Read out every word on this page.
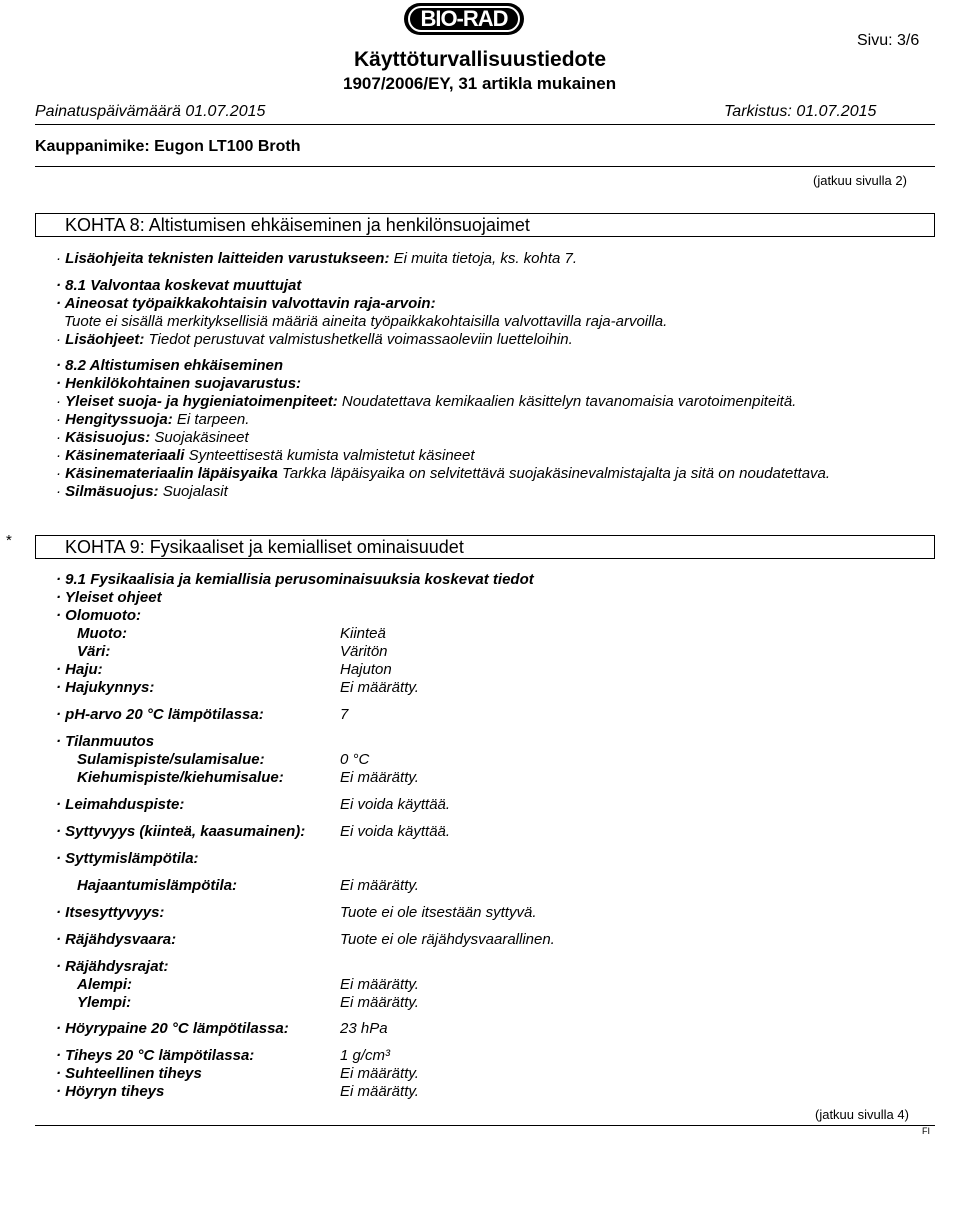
BIO-RAD
Sivu: 3/6
Käyttöturvallisuustiedote
1907/2006/EY, 31 artikla mukainen
Painatuspäivämäärä 01.07.2015	Tarkistus: 01.07.2015
Kauppanimike: Eugon LT100 Broth
(jatkuu sivulla 2)
KOHTA 8: Altistumisen ehkäiseminen ja henkilönsuojaimet
· Lisäohjeita teknisten laitteiden varustukseen: Ei muita tietoja, ks. kohta 7.
· 8.1 Valvontaa koskevat muuttujat
· Aineosat työpaikkakohtaisin valvottavin raja-arvoin:
Tuote ei sisällä merkityksellisiä määriä aineita työpaikkakohtaisilla valvottavilla raja-arvoilla.
· Lisäohjeet: Tiedot perustuvat valmistushetkellä voimassaoleviin luetteloihin.
· 8.2 Altistumisen ehkäiseminen
· Henkilökohtainen suojavarustus:
· Yleiset suoja- ja hygieniatoimenpiteet: Noudatettava kemikaalien käsittelyn tavanomaisia varotoimenpiteitä.
· Hengityssuoja: Ei tarpeen.
· Käsisuojus: Suojakäsineet
· Käsinemateriaali Synteettisestä kumista valmistetut käsineet
· Käsinemateriaalin läpäisyaika Tarkka läpäisyaika on selvitettävä suojakäsinevalmistajalta ja sitä on noudatettava.
· Silmäsuojus: Suojalasit
*	KOHTA 9: Fysikaaliset ja kemialliset ominaisuudet
· 9.1 Fysikaalisia ja kemiallisia perusominaisuuksia koskevat tiedot
· Yleiset ohjeet
· Olomuoto:
Muoto:	Kiinteä
Väri:	Väritön
· Haju:	Hajuton
· Hajukynnys:	Ei määrätty.
· pH-arvo 20 °C lämpötilassa:	7
· Tilanmuutos
Sulamispiste/sulamisalue:	0 °C
Kiehumispiste/kiehumisalue:	Ei määrätty.
· Leimahduspiste:	Ei voida käyttää.
· Syttyvyys (kiinteä, kaasumainen): Ei voida käyttää.
· Syttymislämpötila:
Hajaantumislämpötila:	Ei määrätty.
· Itsesyttyvyys:	Tuote ei ole itsestään syttyvä.
· Räjähdysvaara:	Tuote ei ole räjähdysvaarallinen.
· Räjähdysrajat:
Alempi:	Ei määrätty.
Ylempi:	Ei määrätty.
· Höyrypaine 20 °C lämpötilassa:	23 hPa
· Tiheys 20 °C lämpötilassa:	1 g/cm³
· Suhteellinen tiheys	Ei määrätty.
· Höyryn tiheys	Ei määrätty.
(jatkuu sivulla 4)
FI
